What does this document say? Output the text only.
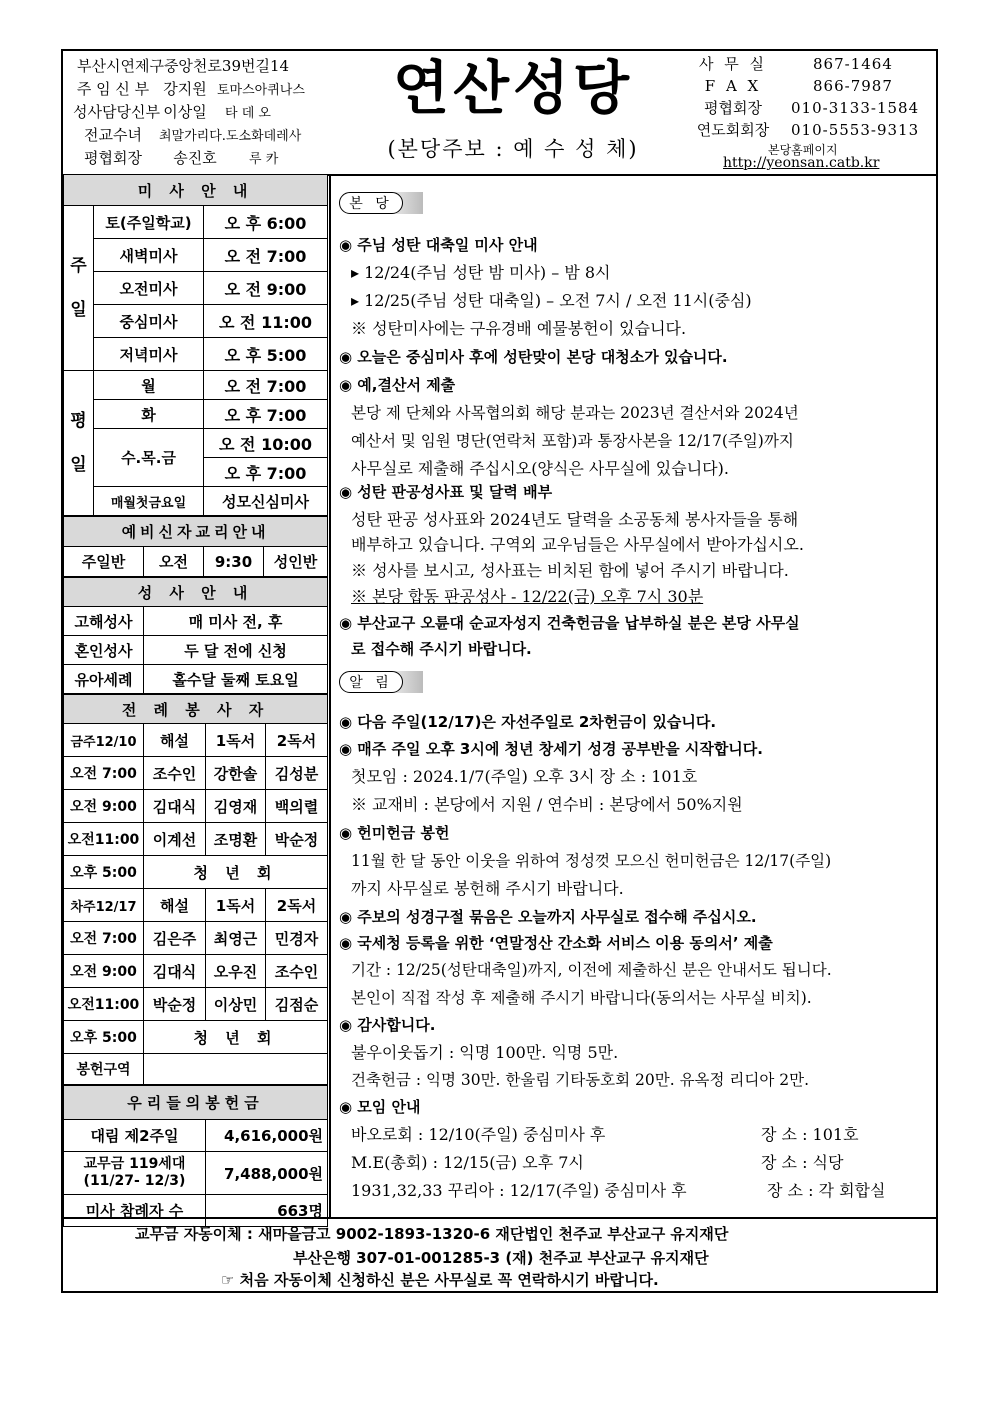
부산시연제구중앙천로39번길14
주 임 신 부 강지원 토마스아퀴나스
성사담당신부 이상일 타 데 오
전교수녀 최말가리다.도소화데레사
평협회장 송진호 루 카
연산성당
(본당주보 : 예 수 성 체)
사 무 실	867-1464
F A X	866-7987
평협회장 010-3133-1584
연도회회장 010-5553-9313
본당홈페이지
http://yeonsan.catb.kr
미 사 안 내		
주
일	토(주일학교)	오 후 6:00
	새벽미사	오 전 7:00
	오전미사	오 전 9:00
	중심미사	오 전 11:00
	저녁미사	오 후 5:00
평
일	월	오 전 7:00
	화	오 후 7:00
	수.목.금	오 전 10:00
		오 후 7:00
	매월첫금요일	성모신심미사
예비신자교리안내
주일반	오전	9:30	성인반
성 사 안 내	
고해성사	매 미사 전, 후
혼인성사	두 달 전에 신청
유아세례	홀수달 둘째 토요일
전 례 봉 사 자			
금주12/10	해설	1독서	2독서
오전 7:00	조수인	강한솔	김성분
오전 9:00	김대식	김영재	백의렬
오전11:00	이계선	조명환	박순정
오후 5:00	청 년 회		
차주12/17	해설	1독서	2독서
오전 7:00	김은주	최영근	민경자
오전 9:00	김대식	오우진	조수인
오전11:00	박순정	이상민	김점순
오후 5:00	청 년 회		
봉헌구역			
우리들의봉헌금	
대림 제2주일	4,616,000원
교무금 119세대 (11/27- 12/3)	7,488,000원
미사 참례자 수	663명
본 당
◉ 주님 성탄 대축일 미사 안내
▸ 12/24(주님 성탄 밤 미사) – 밤 8시
▸ 12/25(주님 성탄 대축일) – 오전 7시 / 오전 11시(중심)
※ 성탄미사에는 구유경배 예물봉헌이 있습니다.
◉ 오늘은 중심미사 후에 성탄맞이 본당 대청소가 있습니다.
◉ 예,결산서 제출
본당 제 단체와 사목협의회 해당 분과는 2023년 결산서와 2024년
예산서 및 임원 명단(연락처 포함)과 통장사본을 12/17(주일)까지
사무실로 제출해 주십시오(양식은 사무실에 있습니다).
◉ 성탄 판공성사표 및 달력 배부
성탄 판공 성사표와 2024년도 달력을 소공동체 봉사자들을 통해
배부하고 있습니다. 구역외 교우님들은 사무실에서 받아가십시오.
※ 성사를 보시고, 성사표는 비치된 함에 넣어 주시기 바랍니다.
※ 본당 합동 판공성사 - 12/22(금) 오후 7시 30분
◉ 부산교구 오륜대 순교자성지 건축헌금을 납부하실 분은 본당 사무실
로 접수해 주시기 바랍니다.
알 림
◉ 다음 주일(12/17)은 자선주일로 2차헌금이 있습니다.
◉ 매주 주일 오후 3시에 청년 창세기 성경 공부반을 시작합니다.
첫모임 : 2024.1/7(주일) 오후 3시 장 소 : 101호
※ 교재비 : 본당에서 지원 / 연수비 : 본당에서 50%지원
◉ 헌미헌금 봉헌
11월 한 달 동안 이웃을 위하여 정성껏 모으신 헌미헌금은 12/17(주일)
까지 사무실로 봉헌해 주시기 바랍니다.
◉ 주보의 성경구절 묶음은 오늘까지 사무실로 접수해 주십시오.
◉ 국세청 등록을 위한 ‘연말정산 간소화 서비스 이용 동의서’ 제출
기간 : 12/25(성탄대축일)까지, 이전에 제출하신 분은 안내서도 됩니다.
본인이 직접 작성 후 제출해 주시기 바랍니다(동의서는 사무실 비치).
◉ 감사합니다.
불우이웃돕기 : 익명 100만. 익명 5만.
건축헌금 : 익명 30만. 한울림 기타동호회 20만. 유옥정 리디아 2만.
◉ 모임 안내
바오로회 : 12/10(주일) 중심미사 후	장 소 : 101호
M.E(총회) : 12/15(금) 오후 7시	장 소 : 식당
1931,32,33 꾸리아 : 12/17(주일) 중심미사 후	장 소 : 각 회합실
교무금 자동이체 : 새마을금고 9002-1893-1320-6 재단법인 천주교 부산교구 유지재단
부산은행 307-01-001285-3 (재) 천주교 부산교구 유지재단
☞ 처음 자동이체 신청하신 분은 사무실로 꼭 연락하시기 바랍니다.
